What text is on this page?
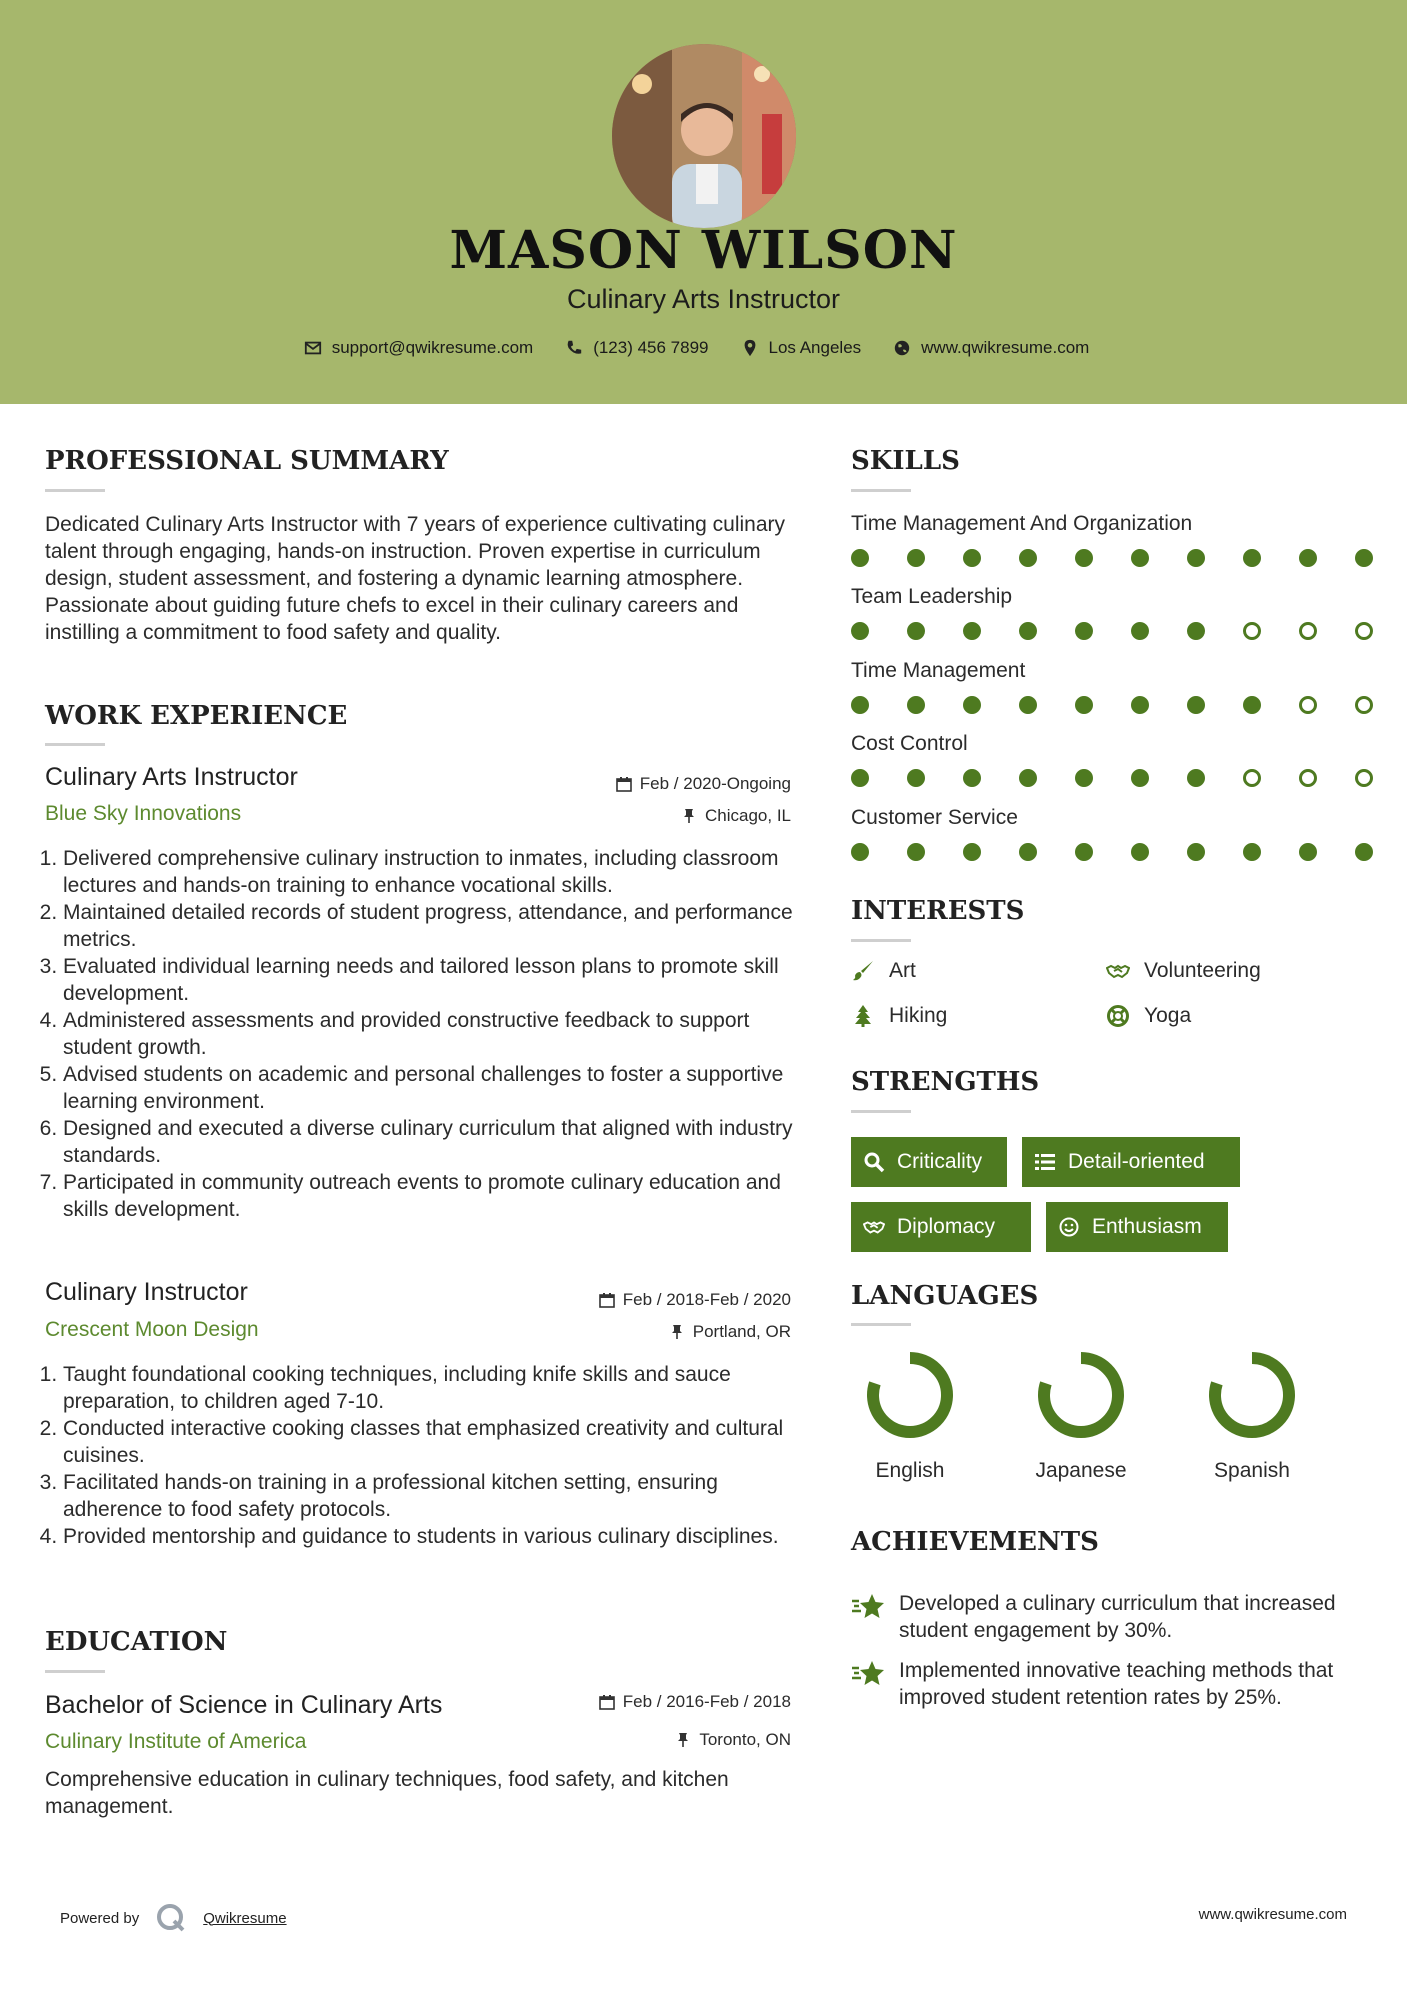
MASON WILSON
Culinary Arts Instructor
support@qwikresume.com	(123) 456 7899	Los Angeles	www.qwikresume.com
PROFESSIONAL SUMMARY
Dedicated Culinary Arts Instructor with 7 years of experience cultivating culinary talent through engaging, hands-on instruction. Proven expertise in curriculum design, student assessment, and fostering a dynamic learning atmosphere. Passionate about guiding future chefs to excel in their culinary careers and instilling a commitment to food safety and quality.
WORK EXPERIENCE
Culinary Arts Instructor	Feb / 2020-Ongoing
Blue Sky Innovations	Chicago, IL
1. Delivered comprehensive culinary instruction to inmates, including classroom lectures and hands-on training to enhance vocational skills.
2. Maintained detailed records of student progress, attendance, and performance metrics.
3. Evaluated individual learning needs and tailored lesson plans to promote skill development.
4. Administered assessments and provided constructive feedback to support student growth.
5. Advised students on academic and personal challenges to foster a supportive learning environment.
6. Designed and executed a diverse culinary curriculum that aligned with industry standards.
7. Participated in community outreach events to promote culinary education and skills development.
Culinary Instructor	Feb / 2018-Feb / 2020
Crescent Moon Design	Portland, OR
1. Taught foundational cooking techniques, including knife skills and sauce preparation, to children aged 7-10.
2. Conducted interactive cooking classes that emphasized creativity and cultural cuisines.
3. Facilitated hands-on training in a professional kitchen setting, ensuring adherence to food safety protocols.
4. Provided mentorship and guidance to students in various culinary disciplines.
EDUCATION
Bachelor of Science in Culinary Arts	Feb / 2016-Feb / 2018
Culinary Institute of America	Toronto, ON
Comprehensive education in culinary techniques, food safety, and kitchen management.
SKILLS
Time Management And Organization
Team Leadership
Time Management
Cost Control
Customer Service
INTERESTS
Art	Volunteering
Hiking	Yoga
STRENGTHS
Criticality	Detail-oriented
Diplomacy	Enthusiasm
LANGUAGES
English	Japanese	Spanish
ACHIEVEMENTS
Developed a culinary curriculum that increased student engagement by 30%.
Implemented innovative teaching methods that improved student retention rates by 25%.
Powered by	Qwikresume	www.qwikresume.com
